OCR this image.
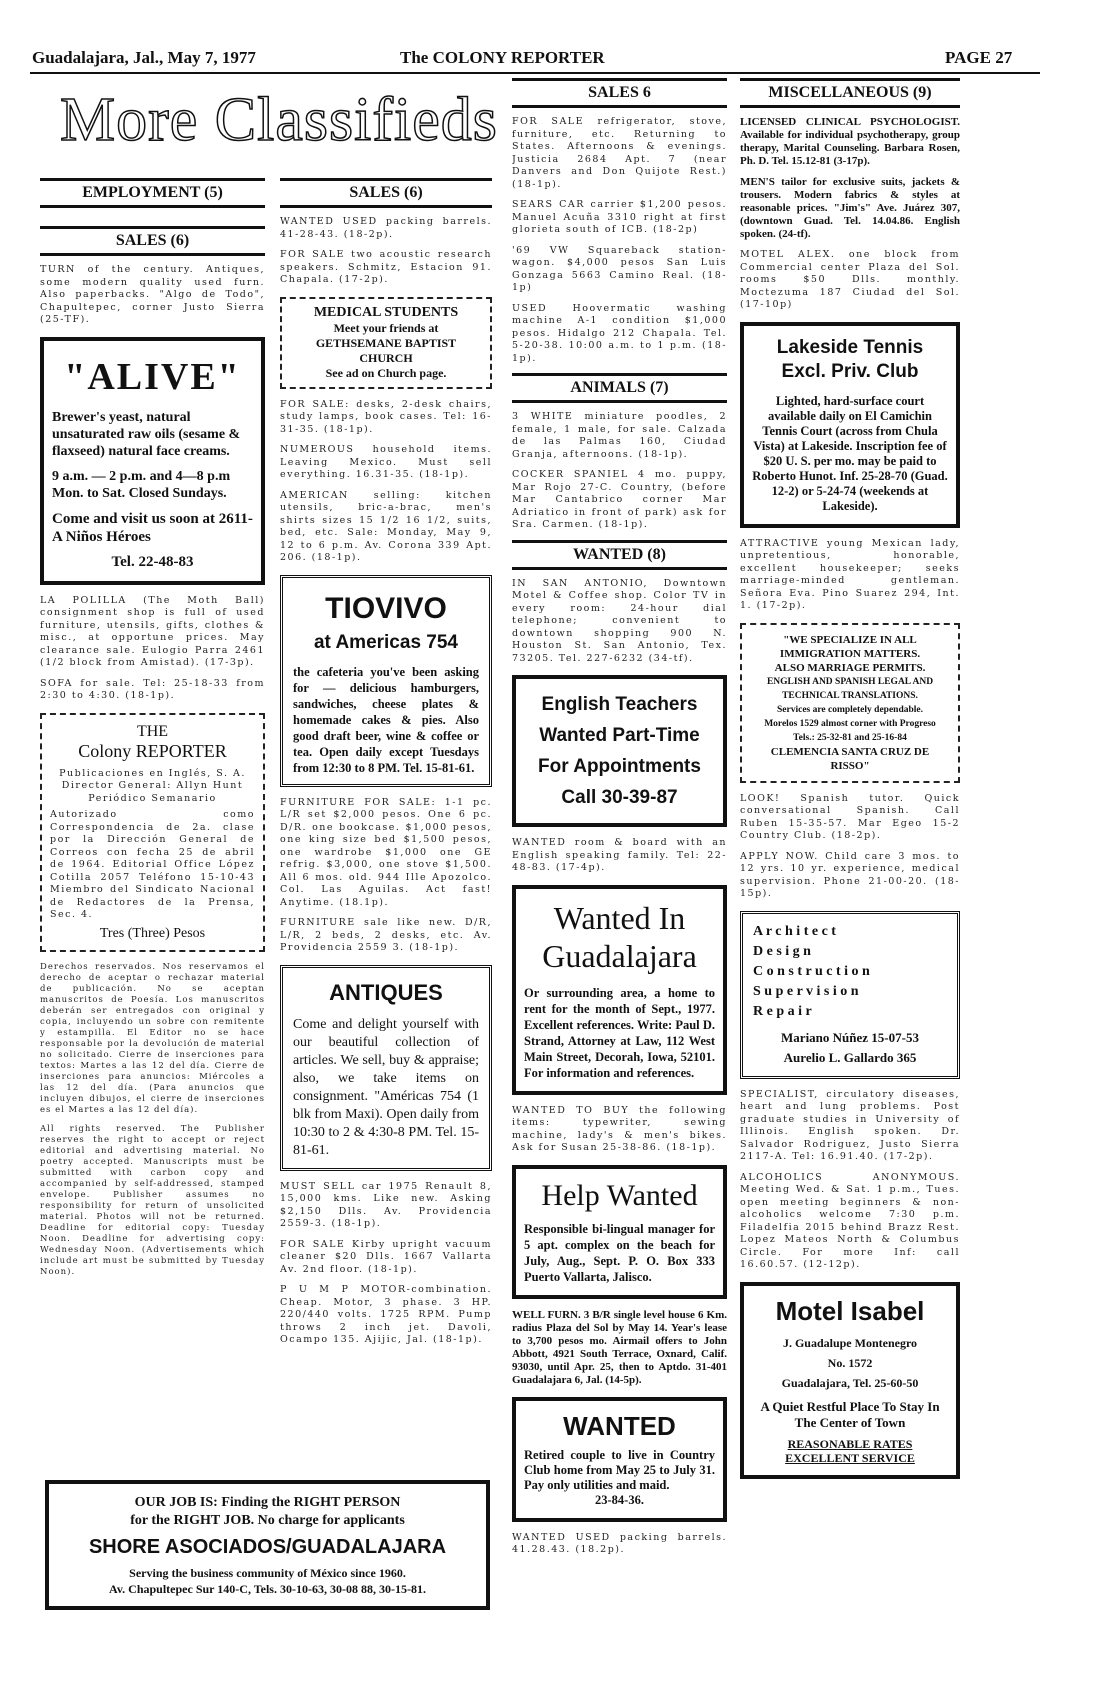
Guadalajara, Jal., May 7, 1977	The COLONY REPORTER	PAGE 27
More Classifieds
EMPLOYMENT (5)
SALES (6)
TURN of the century. Antiques, some modern quality used furn. Also paperbacks. "Algo de Todo", Chapultepec, corner Justo Sierra (25-TF).
"ALIVE"
Brewer's yeast, natural unsaturated raw oils (sesame & flaxseed) natural face creams.
9 a.m. — 2 p.m. and 4—8 p.m Mon. to Sat. Closed Sundays.
Come and visit us soon at 2611-A Niños Héroes
Tel. 22-48-83
LA POLILLA (The Moth Ball) consignment shop is full of used furniture, utensils, gifts, clothes & misc., at opportune prices. May clearance sale. Eulogio Parra 2461 (1/2 block from Amistad). (17-3p).
SOFA for sale. Tel: 25-18-33 from 2:30 to 4:30. (18-1p).
THE
Colony REPORTER
Publicaciones en Inglés, S. A. Director General: Allyn Hunt Periódico Semanario
Autorizado como Correspondencia de 2a. clase por la Dirección General de Correos con fecha 25 de abril de 1964. Editorial Office López Cotilla 2057 Teléfono 15-10-43 Miembro del Sindicato Nacional de Redactores de la Prensa, Sec. 4.
Tres (Three) Pesos
Derechos reservados. Nos reservamos el derecho de aceptar o rechazar material de publicación. No se aceptan manuscritos de Poesía. Los manuscritos deberán ser entregados con original y copia, incluyendo un sobre con remitente y estampilla. El Editor no se hace responsable por la devolución de material no solicitado. Cierre de inserciones para textos: Martes a las 12 del día. Cierre de inserciones para anuncios: Miércoles a las 12 del día. (Para anuncios que incluyen dibujos, el cierre de inserciones es el Martes a las 12 del día).
All rights reserved. The Publisher reserves the right to accept or reject editorial and advertising material. No poetry accepted. Manuscripts must be submitted with carbon copy and accompanied by self-addressed, stamped envelope. Publisher assumes no responsibility for return of unsolicited material. Photos will not be returned. Deadline for editorial copy: Tuesday Noon. Deadline for advertising copy: Wednesday Noon. (Advertisements which include art must be submitted by Tuesday Noon).
SALES (6)
WANTED USED packing barrels. 41-28-43. (18-2p).
FOR SALE two acoustic research speakers. Schmitz, Estacion 91. Chapala. (17-2p).
MEDICAL STUDENTS
Meet your friends at
GETHSEMANE BAPTIST CHURCH
See ad on Church page.
FOR SALE: desks, 2-desk chairs, study lamps, book cases. Tel: 16-31-35. (18-1p).
NUMEROUS household items. Leaving Mexico. Must sell everything. 16.31-35. (18-1p).
AMERICAN selling: kitchen utensils, bric-a-brac, men's shirts sizes 15 1/2 16 1/2, suits, bed, etc. Sale: Monday, May 9, 12 to 6 p.m. Av. Corona 339 Apt. 206. (18-1p).
TIOVIVO
at Americas 754
the cafeteria you've been asking for — delicious hamburgers, sandwiches, cheese plates & homemade cakes & pies. Also good draft beer, wine & coffee or tea. Open daily except Tuesdays from 12:30 to 8 PM. Tel. 15-81-61.
FURNITURE FOR SALE: 1-1 pc. L/R set $2,000 pesos. One 6 pc. D/R. one bookcase. $1,000 pesos, one king size bed $1,500 pesos, one wardrobe $1,000 one GE refrig. $3,000, one stove $1,500. All 6 mos. old. 944 Ille Apozolco. Col. Las Aguilas. Act fast! Anytime. (18.1p).
FURNITURE sale like new. D/R, L/R, 2 beds, 2 desks, etc. Av. Providencia 2559 3. (18-1p).
ANTIQUES
Come and delight yourself with our beautiful collection of articles. We sell, buy & appraise; also, we take items on consignment. "Américas 754 (1 blk from Maxi). Open daily from 10:30 to 2 & 4:30-8 PM. Tel. 15-81-61.
MUST SELL car 1975 Renault 8, 15,000 kms. Like new. Asking $2,150 Dlls. Av. Providencia 2559-3. (18-1p).
FOR SALE Kirby upright vacuum cleaner $20 Dlls. 1667 Vallarta Av. 2nd floor. (18-1p).
P U M P MOTOR-combination. Cheap. Motor, 3 phase. 3 HP. 220/440 volts. 1725 RPM. Pump throws 2 inch jet. Davoli, Ocampo 135. Ajijic, Jal. (18-1p).
SALES 6
FOR SALE refrigerator, stove, furniture, etc. Returning to States. Afternoons & evenings. Justicia 2684 Apt. 7 (near Danvers and Don Quijote Rest.) (18-1p).
SEARS CAR carrier $1,200 pesos. Manuel Acuña 3310 right at first glorieta south of ICB. (18-2p)
'69 VW Squareback station-wagon. $4,000 pesos San Luis Gonzaga 5663 Camino Real. (18-1p)
USED Hoovermatic washing machine A-1 condition $1,000 pesos. Hidalgo 212 Chapala. Tel. 5-20-38. 10:00 a.m. to 1 p.m. (18-1p).
ANIMALS (7)
3 WHITE miniature poodles, 2 female, 1 male, for sale. Calzada de las Palmas 160, Ciudad Granja, afternoons. (18-1p).
COCKER SPANIEL 4 mo. puppy, Mar Rojo 27-C. Country, (before Mar Cantabrico corner Mar Adriatico in front of park) ask for Sra. Carmen. (18-1p).
WANTED (8)
IN SAN ANTONIO, Downtown Motel & Coffee shop. Color TV in every room: 24-hour dial telephone; convenient to downtown shopping 900 N. Houston St. San Antonio, Tex. 73205. Tel. 227-6232 (34-tf).
English Teachers
Wanted Part-Time
For Appointments
Call 30-39-87
WANTED room & board with an English speaking family. Tel: 22-48-83. (17-4p).
Wanted In
Guadalajara
Or surrounding area, a home to rent for the month of Sept., 1977. Excellent references. Write: Paul D. Strand, Attorney at Law, 112 West Main Street, Decorah, Iowa, 52101. For information and references.
WANTED TO BUY the following items: typewriter, sewing machine, lady's & men's bikes. Ask for Susan 25-38-86. (18-1p).
Help Wanted
Responsible bi-lingual manager for 5 apt. complex on the beach for July, Aug., Sept. P. O. Box 333 Puerto Vallarta, Jalisco.
WELL FURN. 3 B/R single level house 6 Km. radius Plaza del Sol by May 14. Year's lease to 3,700 pesos mo. Airmail offers to John Abbott, 4921 South Terrace, Oxnard, Calif. 93030, until Apr. 25, then to Aptdo. 31-401 Guadalajara 6, Jal. (14-5p).
WANTED
Retired couple to live in Country Club home from May 25 to July 31. Pay only utilities and maid.
23-84-36.
WANTED USED packing barrels. 41.28.43. (18.2p).
MISCELLANEOUS (9)
LICENSED CLINICAL PSYCHOLOGIST. Available for individual psychotherapy, group therapy, Marital Counseling. Barbara Rosen, Ph. D. Tel. 15.12-81 (3-17p).
MEN'S tailor for exclusive suits, jackets & trousers. Modern fabrics & styles at reasonable prices. "Jim's" Ave. Juárez 307, (downtown Guad. Tel. 14.04.86. English spoken. (24-tf).
MOTEL ALEX. one block from Commercial center Plaza del Sol. rooms $50 Dlls. monthly. Moctezuma 187 Ciudad del Sol. (17-10p)
Lakeside Tennis
Excl. Priv. Club
Lighted, hard-surface court available daily on El Camichin Tennis Court (across from Chula Vista) at Lakeside. Inscription fee of $20 U. S. per mo. may be paid to Roberto Hunot. Inf. 25-28-70 (Guad. 12-2) or 5-24-74 (weekends at Lakeside).
ATTRACTIVE young Mexican lady, unpretentious, honorable, excellent housekeeper; seeks marriage-minded gentleman. Señora Eva. Pino Suarez 294, Int. 1. (17-2p).
"WE SPECIALIZE IN ALL IMMIGRATION MATTERS.
ALSO MARRIAGE PERMITS.
ENGLISH AND SPANISH LEGAL AND TECHNICAL TRANSLATIONS.
Services are completely dependable.
Morelos 1529 almost corner with Progreso
Tels.: 25-32-81 and 25-16-84
CLEMENCIA SANTA CRUZ DE RISSO"
LOOK! Spanish tutor. Quick conversational Spanish. Call Ruben 15-35-57. Mar Egeo 15-2 Country Club. (18-2p).
APPLY NOW. Child care 3 mos. to 12 yrs. 10 yr. experience, medical supervision. Phone 21-00-20. (18-15p).
A r c h i t e c t
D e s i g n
C o n s t r u c t i o n
S u p e r v i s i o n
R e p a i r
Mariano Núñez 15-07-53
Aurelio L. Gallardo 365
SPECIALIST, circulatory diseases, heart and lung problems. Post graduate studies in University of Illinois. English spoken. Dr. Salvador Rodriguez, Justo Sierra 2117-A. Tel: 16.91.40. (17-2p).
ALCOHOLICS ANONYMOUS. Meeting Wed. & Sat. 1 p.m., Tues. open meeting beginners & non-alcoholics welcome 7:30 p.m. Filadelfia 2015 behind Brazz Rest. Lopez Mateos North & Columbus Circle. For more Inf: call 16.60.57. (12-12p).
Motel Isabel
J. Guadalupe Montenegro
No. 1572
Guadalajara, Tel. 25-60-50
A Quiet Restful Place To Stay In The Center of Town
REASONABLE RATES EXCELLENT SERVICE
OUR JOB IS: Finding the RIGHT PERSON
for the RIGHT JOB. No charge for applicants
SHORE ASOCIADOS/GUADALAJARA
Serving the business community of México since 1960.
Av. Chapultepec Sur 140-C, Tels. 30-10-63, 30-08 88, 30-15-81.
